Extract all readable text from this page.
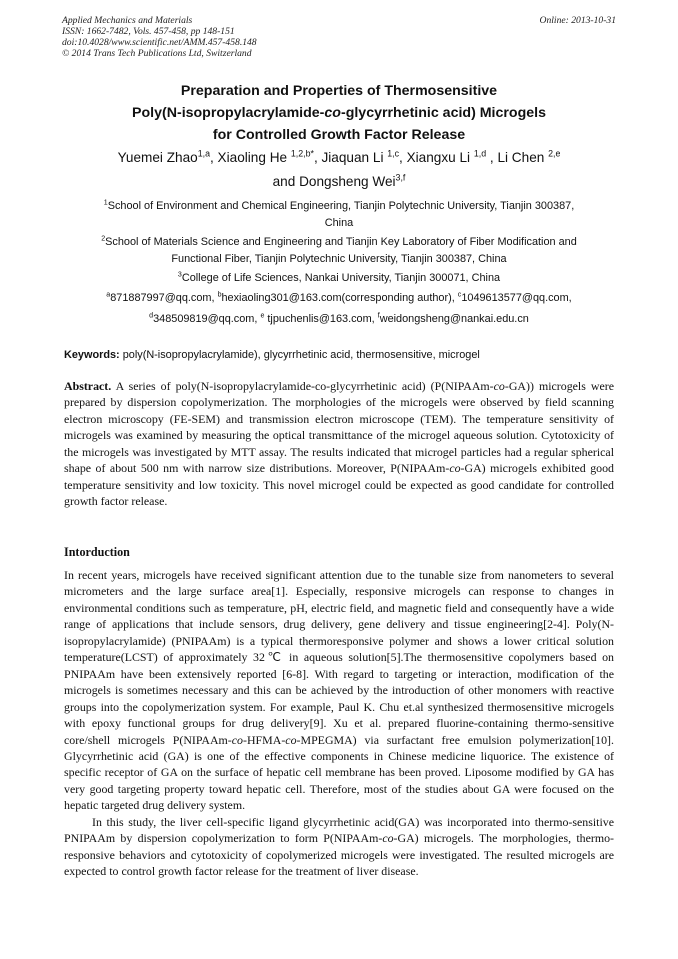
Applied Mechanics and Materials
ISSN: 1662-7482, Vols. 457-458, pp 148-151
doi:10.4028/www.scientific.net/AMM.457-458.148
© 2014 Trans Tech Publications Ltd, Switzerland
Online: 2013-10-31
Preparation and Properties of Thermosensitive
Poly(N-isopropylacrylamide-co-glycyrrhetinic acid) Microgels
for Controlled Growth Factor Release
Yuemei Zhao$^{1,a}$, Xiaoling He $^{1,2,b*}$, Jiaquan Li $^{1,c}$, Xiangxu Li $^{1,d}$ , Li Chen $^{2,e}$
and Dongsheng Wei$^{3,f}$
$^1$School of Environment and Chemical Engineering, Tianjin Polytechnic University, Tianjin 300387,
China
$^2$School of Materials Science and Engineering and Tianjin Key Laboratory of Fiber Modification and
Functional Fiber, Tianjin Polytechnic University, Tianjin 300387, China
$^3$College of Life Sciences, Nankai University, Tianjin 300071, China
$^a$871887997@qq.com, $^b$hexiaoling301@163.com(corresponding author), $^c$1049613577@qq.com,
$^d$348509819@qq.com, $^e$ tjpuchenlis@163.com, $^f$weidongsheng@nankai.edu.cn
Keywords: poly(N-isopropylacrylamide), glycyrrhetinic acid, thermosensitive, microgel

Abstract. A series of poly(N-isopropylacrylamide-co-glycyrrhetinic acid) (P(NIPAAm-co-GA)) microgels were prepared by dispersion copolymerization. The morphologies of the microgels were observed by field scanning electron microscopy (FE-SEM) and transmission electron microscope (TEM). The temperature sensitivity of microgels was examined by measuring the optical transmittance of the microgel aqueous solution. Cytotoxicity of the microgels was investigated by MTT assay. The results indicated that microgel particles had a regular spherical shape of about 500 nm with narrow size distributions. Moreover, P(NIPAAm-co-GA) microgels exhibited good temperature sensitivity and low toxicity. This novel microgel could be expected as good candidate for controlled growth factor release.

Intorduction

In recent years, microgels have received significant attention due to the tunable size from nanometers to several micrometers and the large surface area[1]. Especially, responsive microgels can response to changes in environmental conditions such as temperature, pH, electric field, and magnetic field and consequently have a wide range of applications that include sensors, drug delivery, gene delivery and tissue engineering[2-4]. Poly(N-isopropylacrylamide) (PNIPAAm) is a typical thermoresponsive polymer and shows a lower critical solution temperature(LCST) of approximately 32℃ in aqueous solution[5].The thermosensitive copolymers based on PNIPAAm have been extensively reported [6-8]. With regard to targeting or interaction, modification of the microgels is sometimes necessary and this can be achieved by the introduction of other monomers with reactive groups into the copolymerization system. For example, Paul K. Chu et.al synthesized thermosensitive microgels with epoxy functional groups for drug delivery[9]. Xu et al. prepared fluorine-containing thermo-sensitive core/shell microgels P(NIPAAm-co-HFMA-co-MPEGMA) via surfactant free emulsion polymerization[10]. Glycyrrhetinic acid (GA) is one of the effective components in Chinese medicine liquorice. The existence of specific receptor of GA on the surface of hepatic cell membrane has been proved. Liposome modified by GA has very good targeting property toward hepatic cell. Therefore, most of the studies about GA were focused on the hepatic targeted drug delivery system.

In this study, the liver cell-specific ligand glycyrrhetinic acid(GA) was incorporated into thermo-sensitive PNIPAAm by dispersion copolymerization to form P(NIPAAm-co-GA) microgels. The morphologies, thermo-responsive behaviors and cytotoxicity of copolymerized microgels were investigated. The resulted microgels are expected to control growth factor release for the treatment of liver disease.
